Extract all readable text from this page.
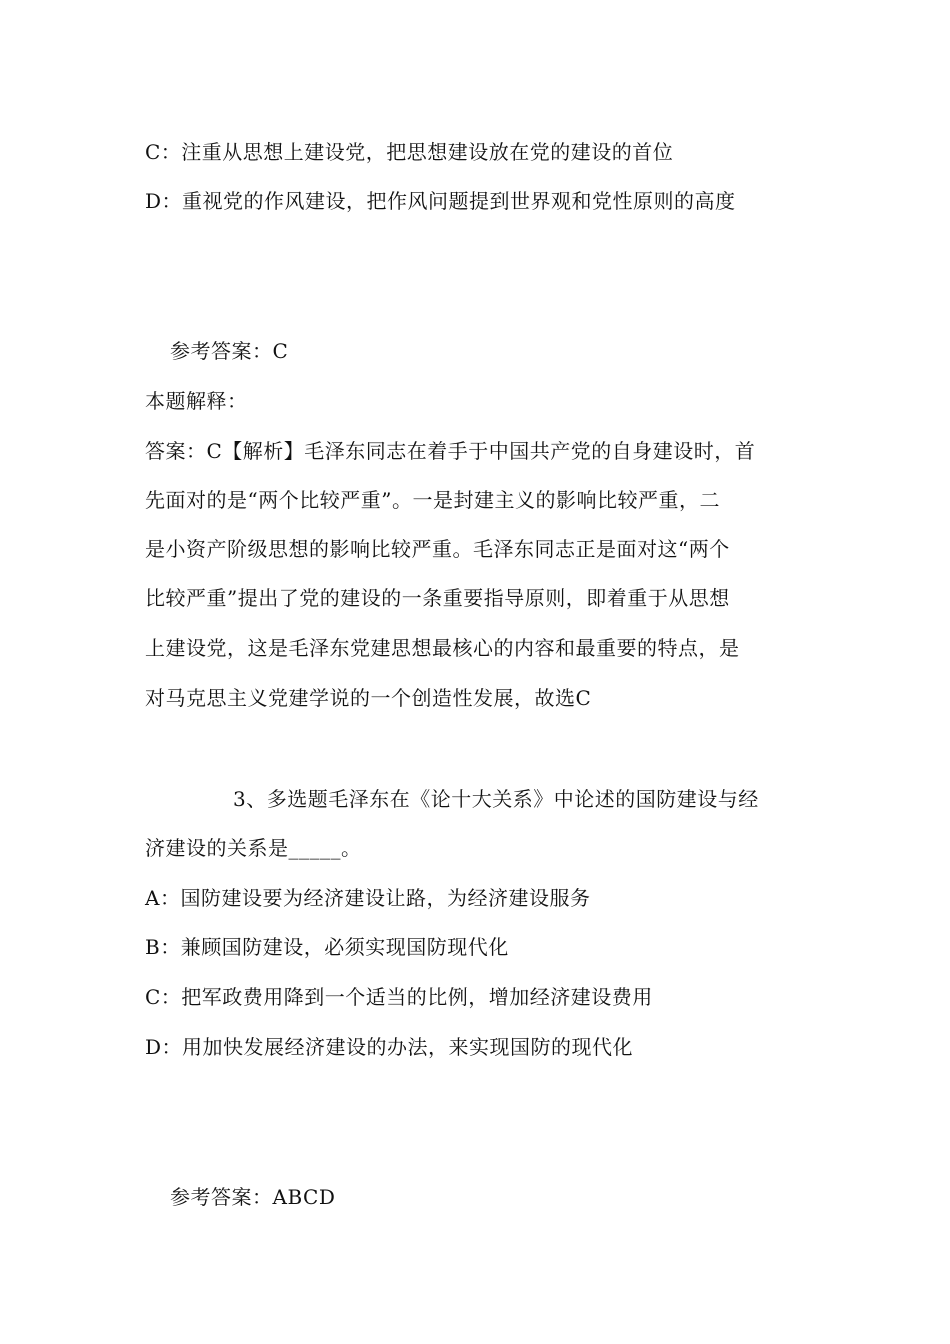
C：注重从思想上建设党，把思想建设放在党的建设的首位
D：重视党的作风建设，把作风问题提到世界观和党性原则的高度
参考答案：C
本题解释：
答案：C【解析】毛泽东同志在着手于中国共产党的自身建设时，首
先面对的是“两个比较严重”。一是封建主义的影响比较严重，二
是小资产阶级思想的影响比较严重。毛泽东同志正是面对这“两个
比较严重”提出了党的建设的一条重要指导原则，即着重于从思想
上建设党，这是毛泽东党建思想最核心的内容和最重要的特点，是
对马克思主义党建学说的一个创造性发展，故选C
3、多选题毛泽东在《论十大关系》中论述的国防建设与经
济建设的关系是_____。
A：国防建设要为经济建设让路，为经济建设服务
B：兼顾国防建设，必须实现国防现代化
C：把军政费用降到一个适当的比例，增加经济建设费用
D：用加快发展经济建设的办法，来实现国防的现代化
参考答案：ABCD
